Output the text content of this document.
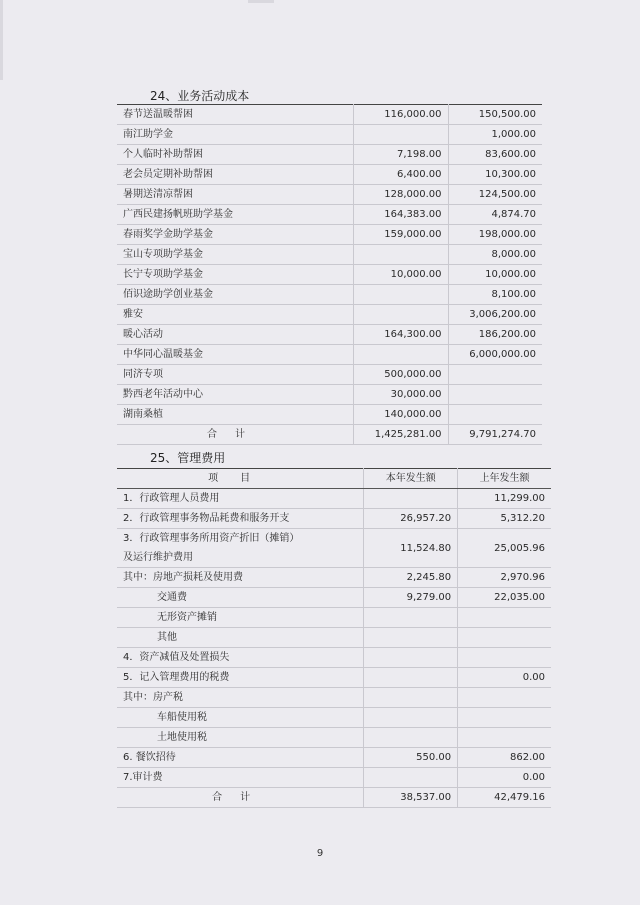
24、业务活动成本
春节送温暖帮困	116,000.00	150,500.00
南江助学金		1,000.00
个人临时补助帮困	7,198.00	83,600.00
老会员定期补助帮困	6,400.00	10,300.00
暑期送清凉帮困	128,000.00	124,500.00
广西民建扬帆班助学基金	164,383.00	4,874.70
春雨奖学金助学基金	159,000.00	198,000.00
宝山专项助学基金		8,000.00
长宁专项助学基金	10,000.00	10,000.00
佰识途助学创业基金		8,100.00
雅安		3,006,200.00
暖心活动	164,300.00	186,200.00
中华同心温暖基金		6,000,000.00
同济专项	500,000.00	
黔西老年活动中心	30,000.00	
湖南桑植	140,000.00	
合计	1,425,281.00	9,791,274.70
25、管理费用
项目	本年发生额	上年发生额
1．行政管理人员费用		11,299.00
2．行政管理事务物品耗费和服务开支	26,957.20	5,312.20

3．行政管理事务所用资产折旧（摊销）
及运行维护费用	11,524.80	25,005.96
其中：房地产损耗及使用费	2,245.80	2,970.96
交通费	9,279.00	22,035.00
无形资产摊销		
其他		
4．资产减值及处置损失		
5．记入管理费用的税费		0.00
其中：房产税		
车船使用税		
土地使用税		
6. 餐饮招待	550.00	862.00
7.审计费		0.00
合计	38,537.00	42,479.16
9
